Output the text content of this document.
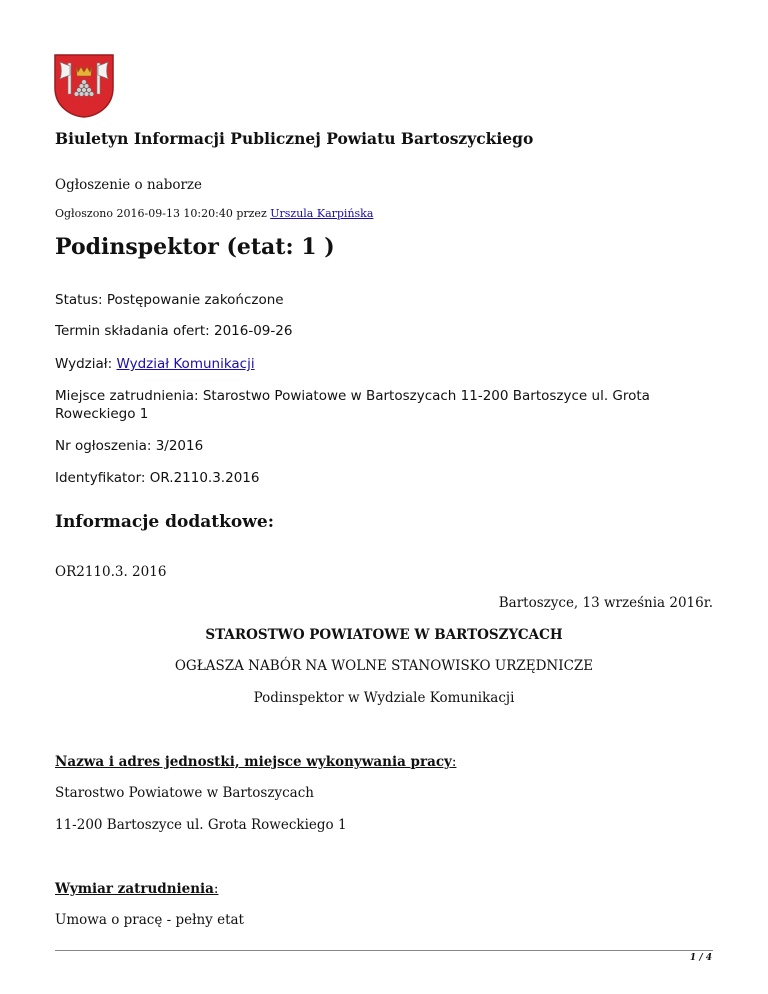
Biuletyn Informacji Publicznej Powiatu Bartoszyckiego
Ogłoszenie o naborze
Ogłoszono 2016-09-13 10:20:40 przez Urszula Karpińska
Podinspektor (etat: 1 )
Status: Postępowanie zakończone
Termin składania ofert: 2016-09-26
Wydział: Wydział Komunikacji
Miejsce zatrudnienia: Starostwo Powiatowe w Bartoszycach 11-200 Bartoszyce ul. Grota Roweckiego 1
Nr ogłoszenia: 3/2016
Identyfikator: OR.2110.3.2016
Informacje dodatkowe:
OR2110.3. 2016
Bartoszyce, 13 września 2016r.
STAROSTWO POWIATOWE W BARTOSZYCACH
OGŁASZA NABÓR NA WOLNE STANOWISKO URZĘDNICZE
Podinspektor w Wydziale Komunikacji
Nazwa i adres jednostki, miejsce wykonywania pracy:
Starostwo Powiatowe w Bartoszycach
11-200 Bartoszyce ul. Grota Roweckiego 1
Wymiar zatrudnienia:
Umowa o pracę - pełny etat
1 / 4
